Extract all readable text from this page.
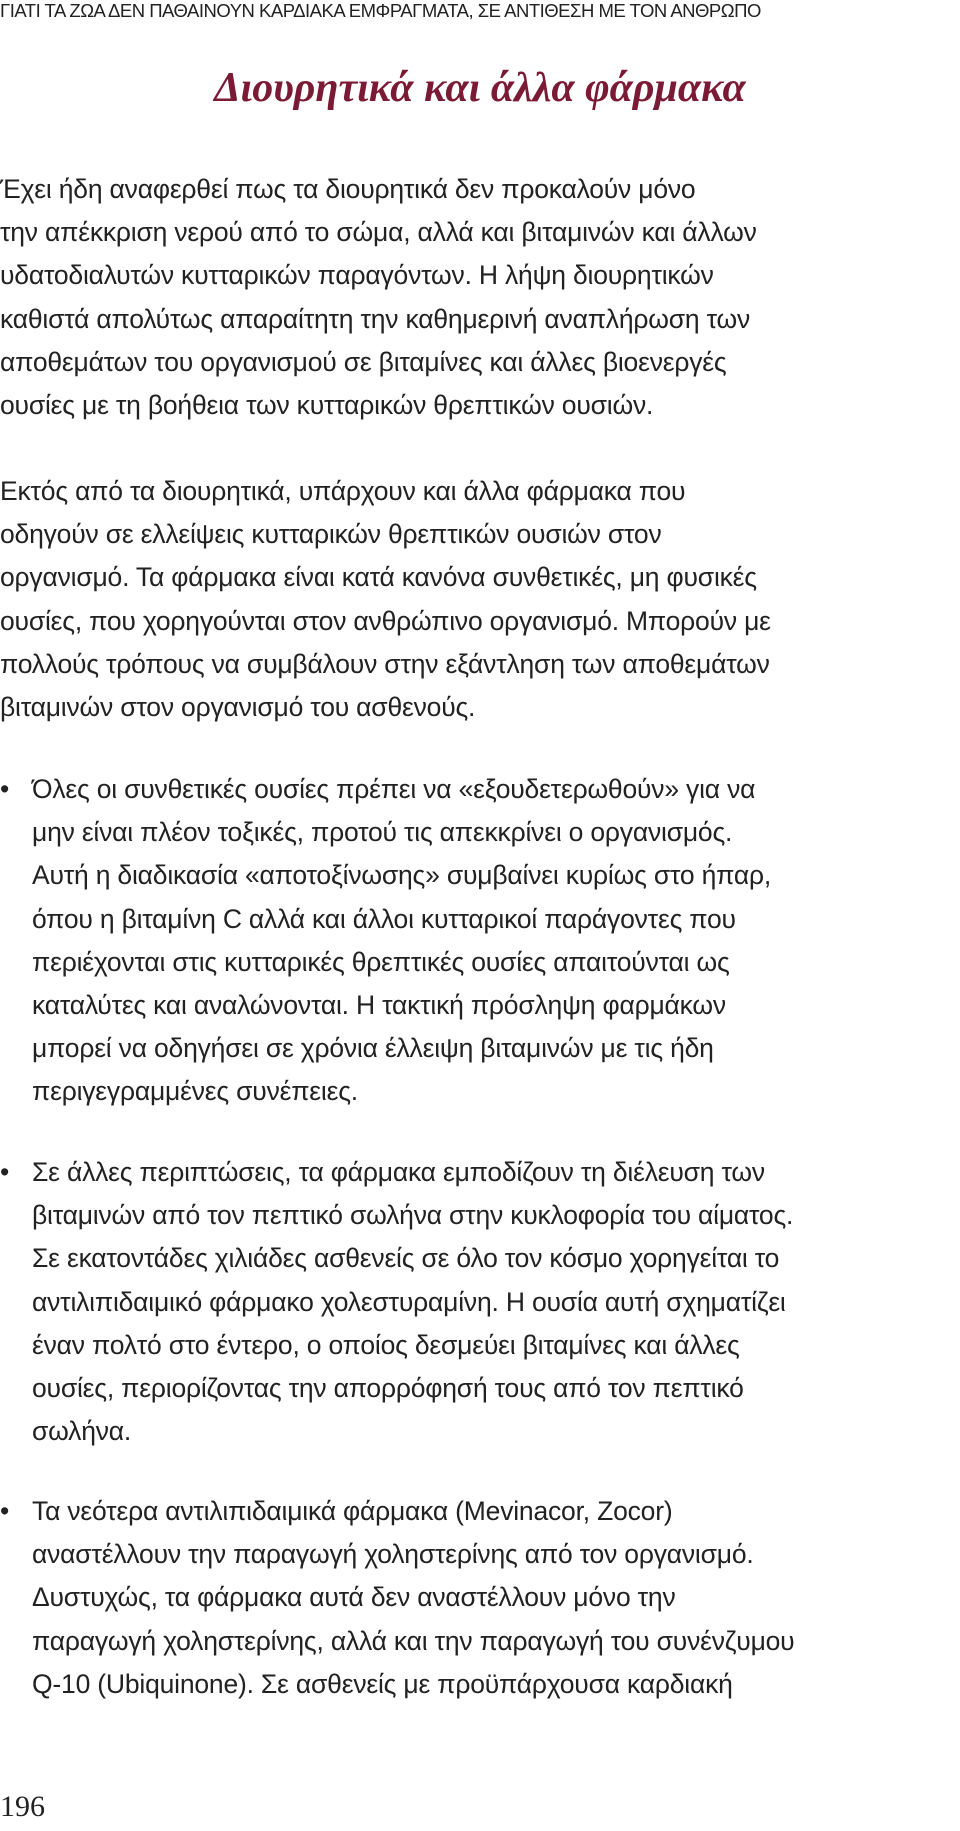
ΓΙΑΤΙ ΤΑ ΖΩΑ ΔΕΝ ΠΑΘΑΙΝΟΥΝ ΚΑΡΔΙΑΚΑ ΕΜΦΡΑΓΜΑΤΑ, ΣΕ ΑΝΤΙΘΕΣΗ ΜΕ ΤΟΝ ΑΝΘΡΩΠΟ
Διουρητικά και άλλα φάρμακα

Έχει ήδη αναφερθεί πως τα διουρητικά δεν προκαλούν μόνο
την απέκκριση νερού από το σώμα, αλλά και βιταμινών και άλλων
υδατοδιαλυτών κυτταρικών παραγόντων. Η λήψη διουρητικών
καθιστά απολύτως απαραίτητη την καθημερινή αναπλήρωση των
αποθεμάτων του οργανισμού σε βιταμίνες και άλλες βιοενεργές
ουσίες με τη βοήθεια των κυτταρικών θρεπτικών ουσιών.

Εκτός από τα διουρητικά, υπάρχουν και άλλα φάρμακα που
οδηγούν σε ελλείψεις κυτταρικών θρεπτικών ουσιών στον
οργανισμό. Τα φάρμακα είναι κατά κανόνα συνθετικές, μη φυσικές
ουσίες, που χορηγούνται στον ανθρώπινο οργανισμό. Μπορούν με
πολλούς τρόπους να συμβάλουν στην εξάντληση των αποθεμάτων
βιταμινών στον οργανισμό του ασθενούς.

• Όλες οι συνθετικές ουσίες πρέπει να «εξουδετερωθούν» για να
μην είναι πλέον τοξικές, προτού τις απεκκρίνει ο οργανισμός.
Αυτή η διαδικασία «αποτοξίνωσης» συμβαίνει κυρίως στο ήπαρ,
όπου η βιταμίνη C αλλά και άλλοι κυτταρικοί παράγοντες που
περιέχονται στις κυτταρικές θρεπτικές ουσίες απαιτούνται ως
καταλύτες και αναλώνονται. Η τακτική πρόσληψη φαρμάκων
μπορεί να οδηγήσει σε χρόνια έλλειψη βιταμινών με τις ήδη
περιγεγραμμένες συνέπειες.
• Σε άλλες περιπτώσεις, τα φάρμακα εμποδίζουν τη διέλευση των
βιταμινών από τον πεπτικό σωλήνα στην κυκλοφορία του αίματος.
Σε εκατοντάδες χιλιάδες ασθενείς σε όλο τον κόσμο χορηγείται το
αντιλιπιδαιμικό φάρμακο χολεστυραμίνη. Η ουσία αυτή σχηματίζει
έναν πολτό στο έντερο, ο οποίος δεσμεύει βιταμίνες και άλλες
ουσίες, περιορίζοντας την απορρόφησή τους από τον πεπτικό
σωλήνα.
• Τα νεότερα αντιλιπιδαιμικά φάρμακα (Mevinacor, Zocor)
αναστέλλουν την παραγωγή χοληστερίνης από τον οργανισμό.
Δυστυχώς, τα φάρμακα αυτά δεν αναστέλλουν μόνο την
παραγωγή χοληστερίνης, αλλά και την παραγωγή του συνένζυμου
Q-10 (Ubiquinone). Σε ασθενείς με προϋπάρχουσα καρδιακή
196
